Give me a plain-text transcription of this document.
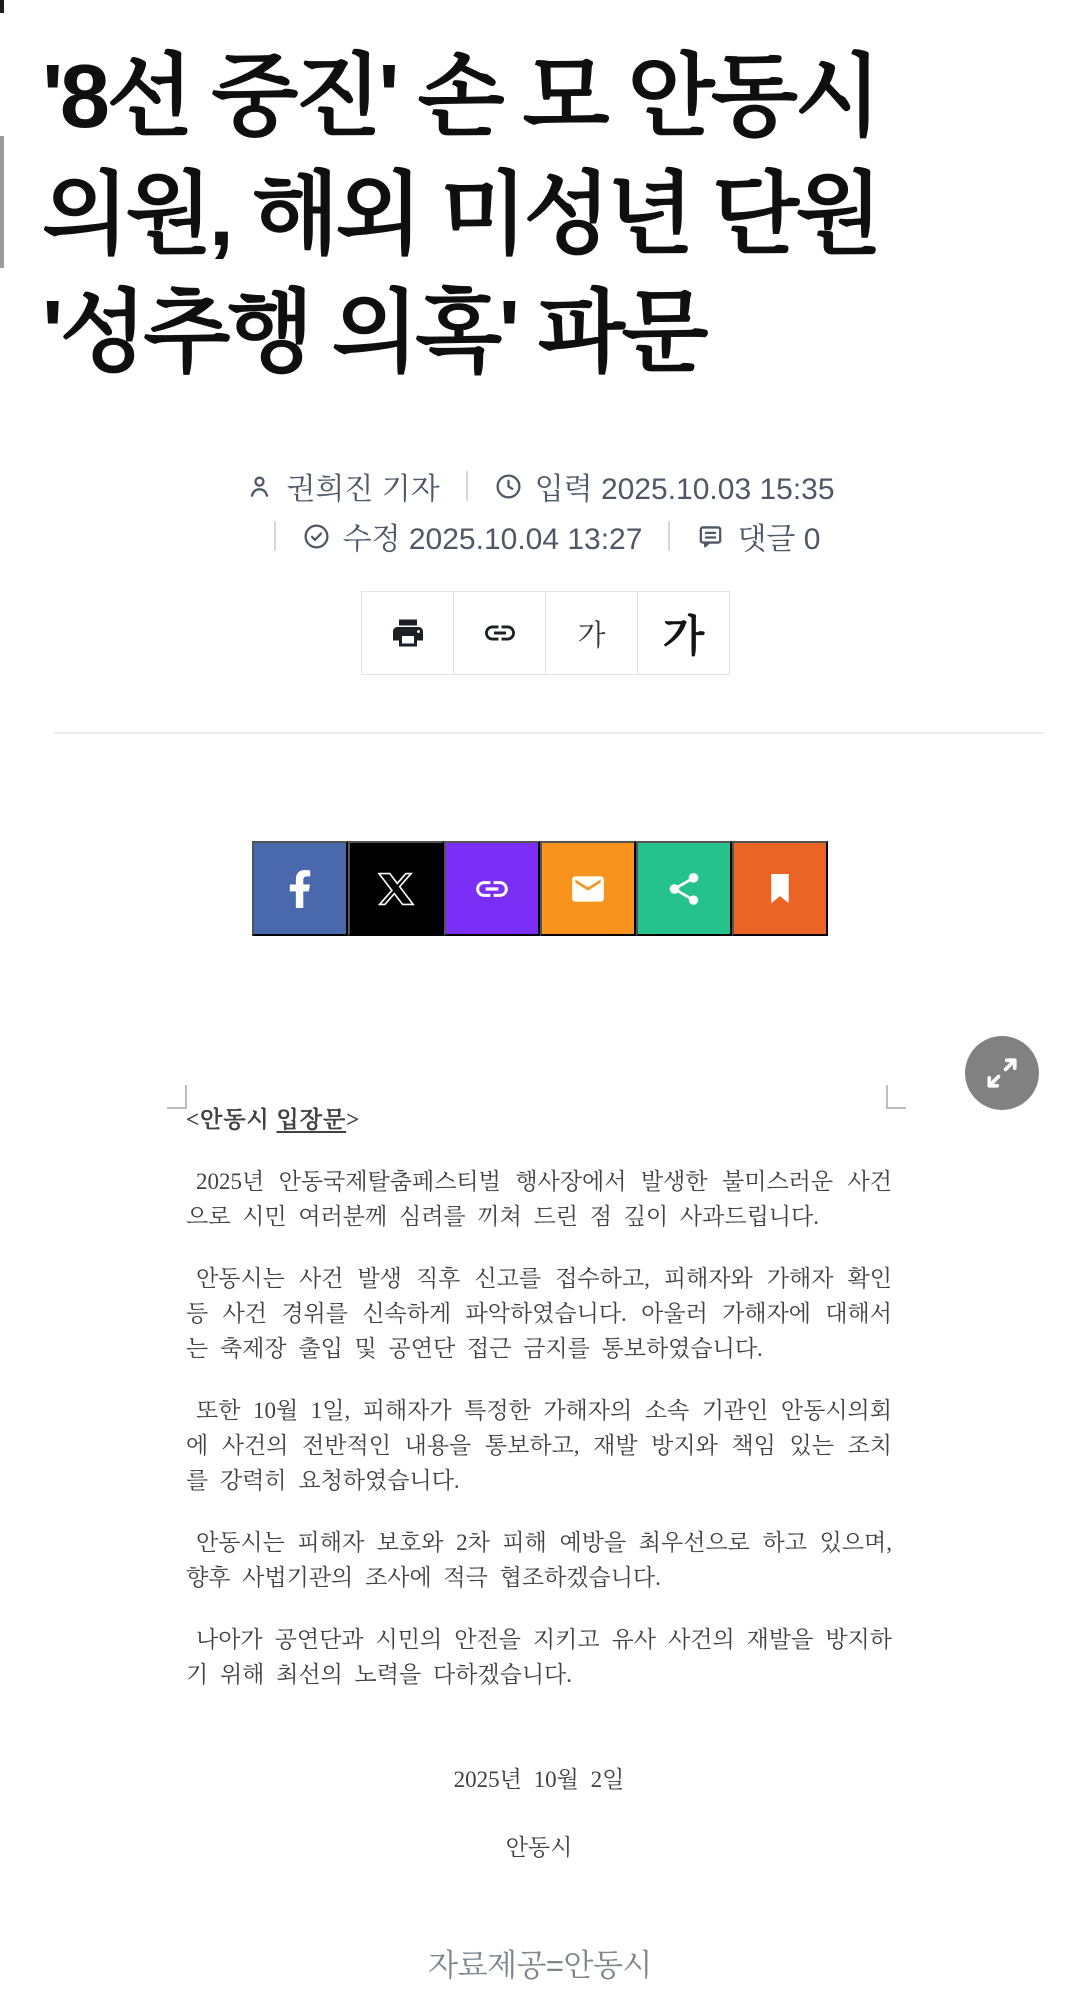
'8선 중진' 손 모 안동시
의원, 해외 미성년 단원
'성추행 의혹' 파문
권희진 기자	입력 2025.10.03 15:35
수정 2025.10.04 13:27	댓글 0
가	가
<안동시 입장문>

2025년 안동국제탈춤페스티벌 행사장에서 발생한 불미스러운 사건으로 시민 여러분께 심려를 끼쳐 드린 점 깊이 사과드립니다.

안동시는 사건 발생 직후 신고를 접수하고, 피해자와 가해자 확인 등 사건 경위를 신속하게 파악하였습니다. 아울러 가해자에 대해서는 축제장 출입 및 공연단 접근 금지를 통보하였습니다.

또한 10월 1일, 피해자가 특정한 가해자의 소속 기관인 안동시의회에 사건의 전반적인 내용을 통보하고, 재발 방지와 책임 있는 조치를 강력히 요청하였습니다.

안동시는 피해자 보호와 2차 피해 예방을 최우선으로 하고 있으며, 향후 사법기관의 조사에 적극 협조하겠습니다.

나아가 공연단과 시민의 안전을 지키고 유사 사건의 재발을 방지하기 위해 최선의 노력을 다하겠습니다.

2025년 10월 2일
안동시
자료제공=안동시
